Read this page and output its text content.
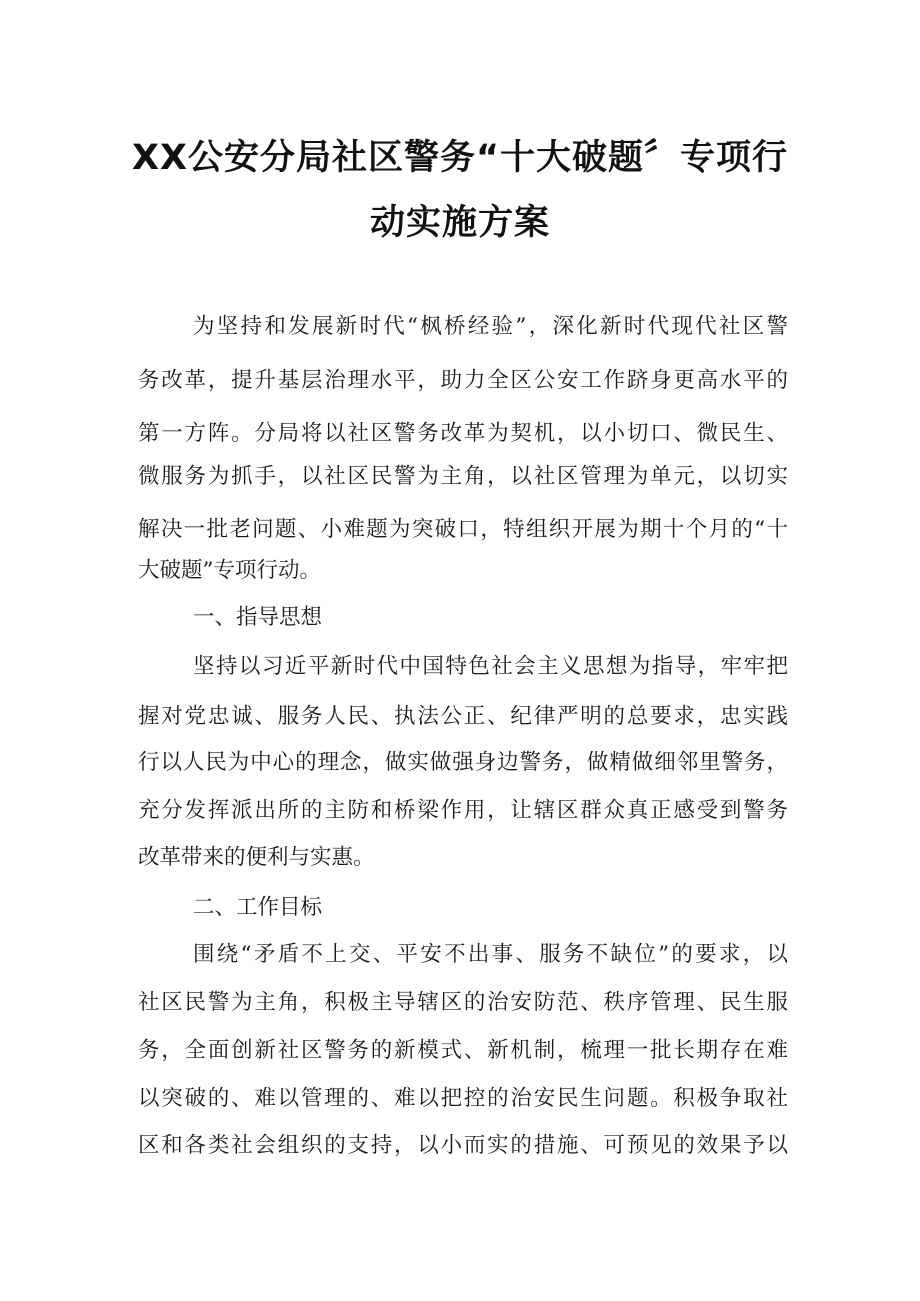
XX公安分局社区警务“十大破题〞专项行
动实施方案
为坚持和发展新时代“枫桥经验”，深化新时代现代社区警
务改革，提升基层治理水平，助力全区公安工作跻身更高水平的
第一方阵。分局将以社区警务改革为契机，以小切口、微民生、
微服务为抓手，以社区民警为主角，以社区管理为单元，以切实
解决一批老问题、小难题为突破口，特组织开展为期十个月的“十
大破题”专项行动。
一、指导思想
坚持以习近平新时代中国特色社会主义思想为指导，牢牢把
握对党忠诚、服务人民、执法公正、纪律严明的总要求，忠实践
行以人民为中心的理念，做实做强身边警务，做精做细邻里警务，
充分发挥派出所的主防和桥梁作用，让辖区群众真正感受到警务
改革带来的便利与实惠。
二、工作目标
围绕“矛盾不上交、平安不出事、服务不缺位”的要求，以
社区民警为主角，积极主导辖区的治安防范、秩序管理、民生服
务，全面创新社区警务的新模式、新机制，梳理一批长期存在难
以突破的、难以管理的、难以把控的治安民生问题。积极争取社
区和各类社会组织的支持，以小而实的措施、可预见的效果予以
